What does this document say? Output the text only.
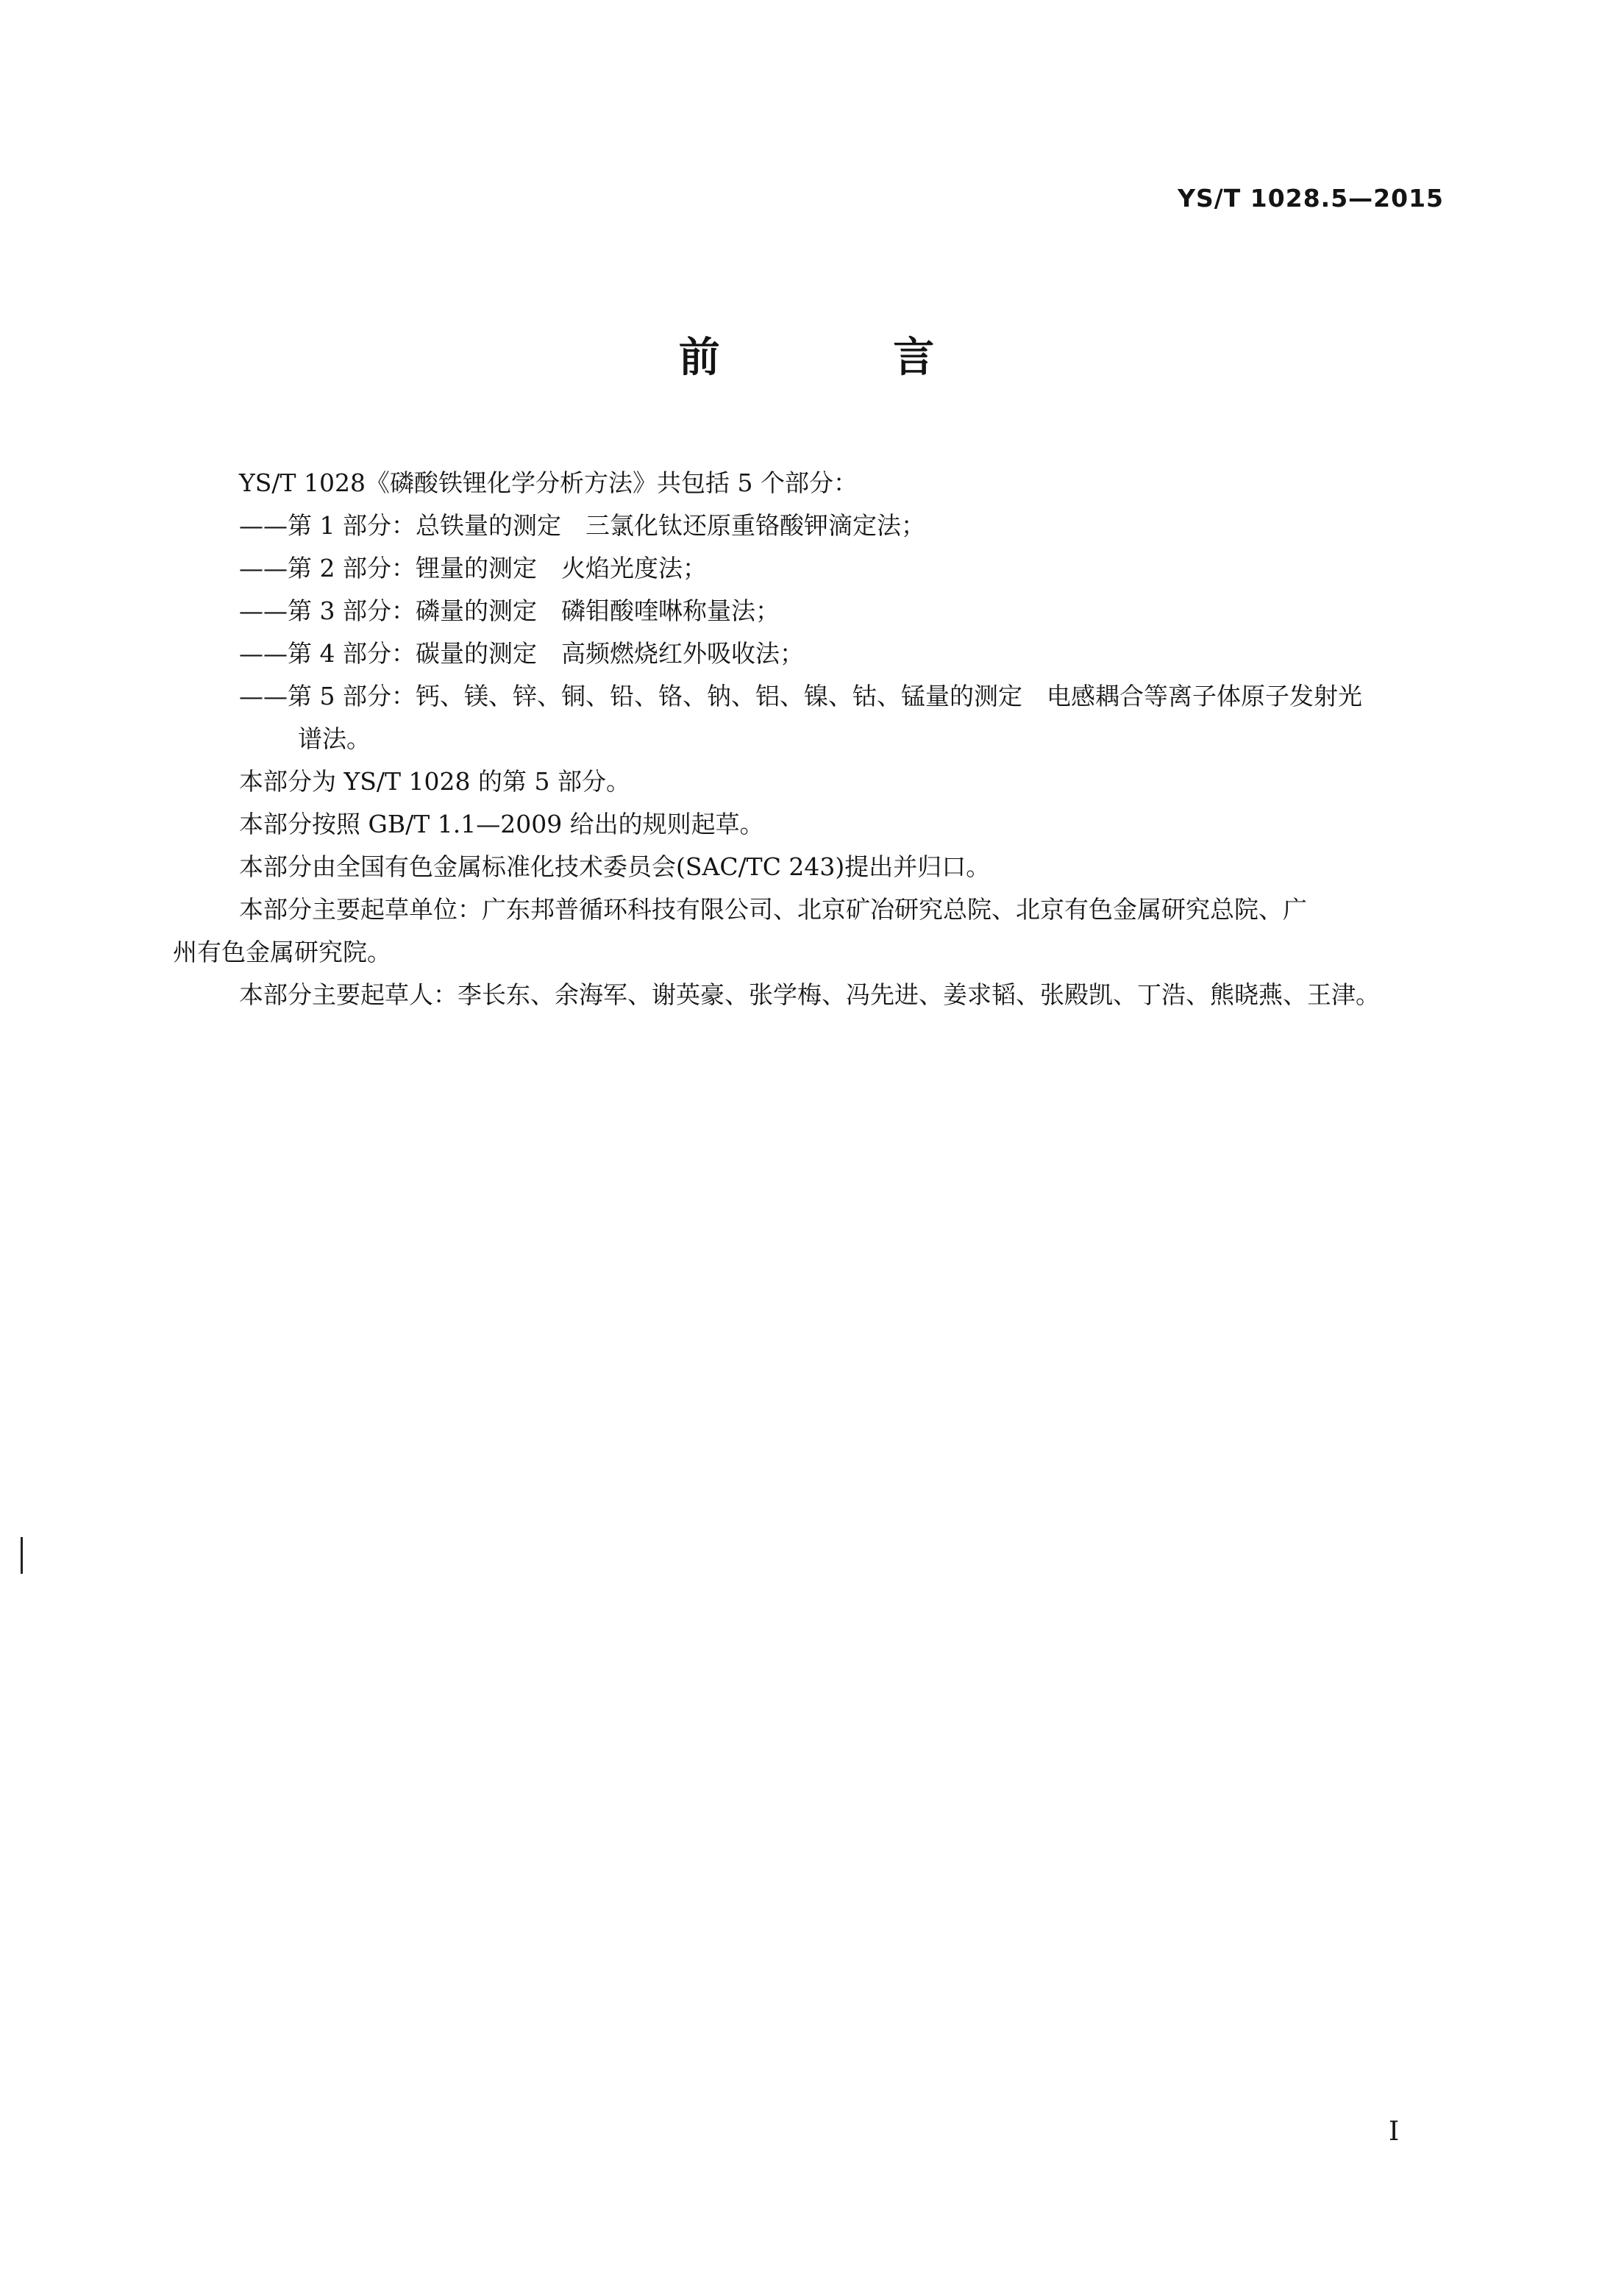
YS/T 1028.5—2015
前 言

YS/T 1028《磷酸铁锂化学分析方法》共包括 5 个部分：

——第 1 部分：总铁量的测定　三氯化钛还原重铬酸钾滴定法；

——第 2 部分：锂量的测定　火焰光度法；

——第 3 部分：磷量的测定　磷钼酸喹啉称量法；

——第 4 部分：碳量的测定　高频燃烧红外吸收法；

——第 5 部分：钙、镁、锌、铜、铅、铬、钠、铝、镍、钴、锰量的测定　电感耦合等离子体原子发射光

谱法。

本部分为 YS/T 1028 的第 5 部分。

本部分按照 GB/T 1.1—2009 给出的规则起草。

本部分由全国有色金属标准化技术委员会(SAC/TC 243)提出并归口。

本部分主要起草单位：广东邦普循环科技有限公司、北京矿冶研究总院、北京有色金属研究总院、广

州有色金属研究院。

本部分主要起草人：李长东、余海军、谢英豪、张学梅、冯先进、姜求韬、张殿凯、丁浩、熊晓燕、王津。

I
